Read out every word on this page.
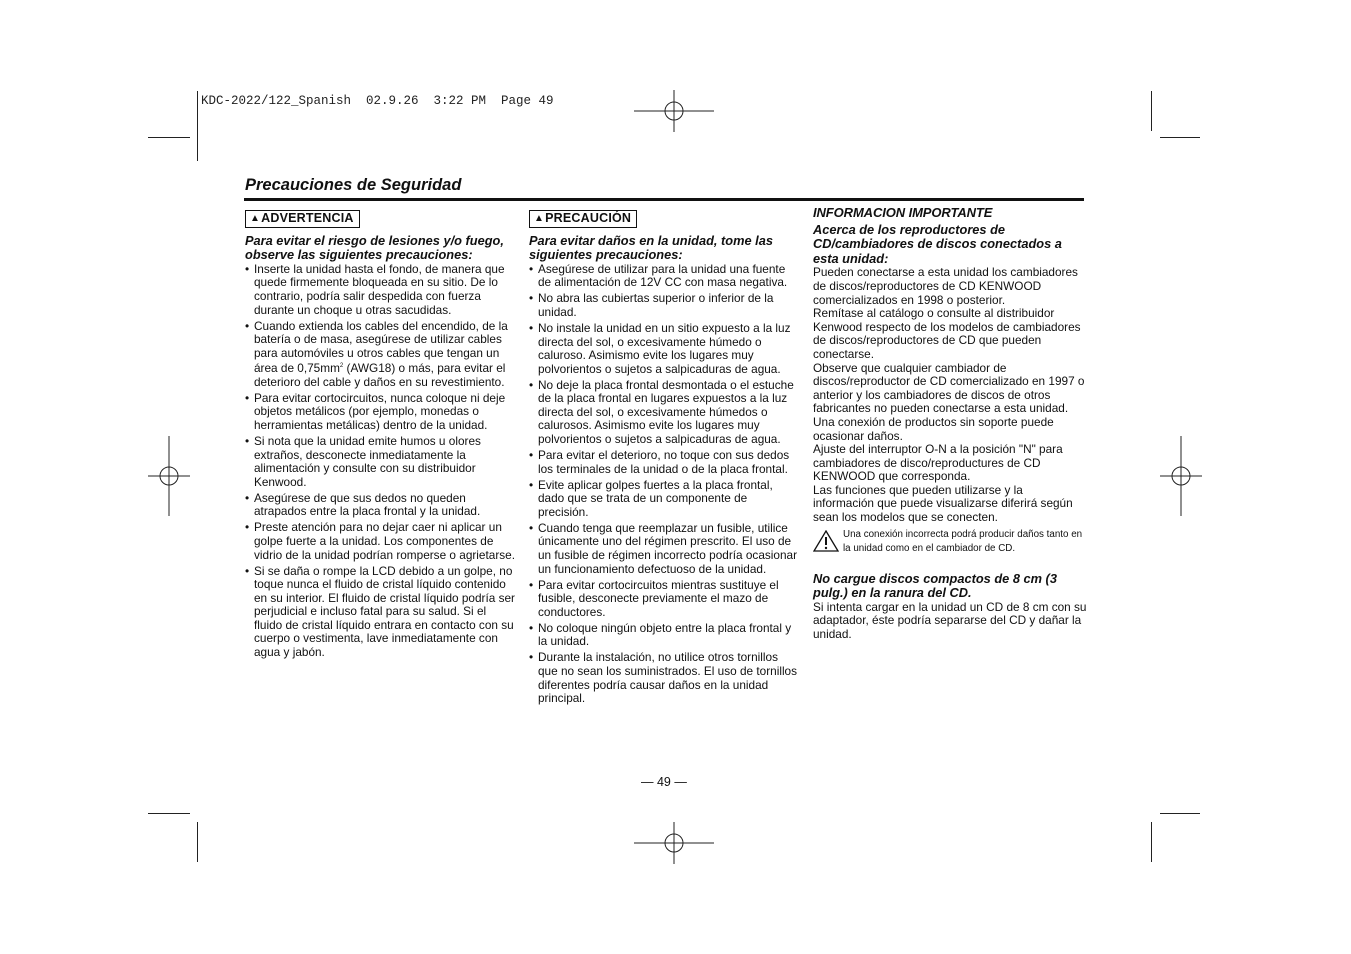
KDC-2022/122_Spanish  02.9.26  3:22 PM  Page 49
Precauciones de Seguridad
▲ADVERTENCIA

Para evitar el riesgo de lesiones y/o fuego, observe las siguientes precauciones:

• Inserte la unidad hasta el fondo, de manera que quede firmemente bloqueada en su sitio. De lo contrario, podría salir despedida con fuerza durante un choque u otras sacudidas.
• Cuando extienda los cables del encendido, de la batería o de masa, asegúrese de utilizar cables para automóviles u otros cables que tengan un área de $0,75mm^2$ (AWG18) o más, para evitar el deterioro del cable y daños en su revestimiento.
• Para evitar cortocircuitos, nunca coloque ni deje objetos metálicos (por ejemplo, monedas o herramientas metálicas) dentro de la unidad.
• Si nota que la unidad emite humos u olores extraños, desconecte inmediatamente la alimentación y consulte con su distribuidor Kenwood.
• Asegúrese de que sus dedos no queden atrapados entre la placa frontal y la unidad.
• Preste atención para no dejar caer ni aplicar un golpe fuerte a la unidad. Los componentes de vidrio de la unidad podrían romperse o agrietarse.
• Si se daña o rompe la LCD debido a un golpe, no toque nunca el fluido de cristal líquido contenido en su interior. El fluido de cristal líquido podría ser perjudicial e incluso fatal para su salud. Si el fluido de cristal líquido entrara en contacto con su cuerpo o vestimenta, lave inmediatamente con agua y jabón.
▲PRECAUCIÓN

Para evitar daños en la unidad, tome las siguientes precauciones:

• Asegúrese de utilizar para la unidad una fuente de alimentación de 12V CC con masa negativa.
• No abra las cubiertas superior o inferior de la unidad.
• No instale la unidad en un sitio expuesto a la luz directa del sol, o excesivamente húmedo o caluroso. Asimismo evite los lugares muy polvorientos o sujetos a salpicaduras de agua.
• No deje la placa frontal desmontada o el estuche de la placa frontal en lugares expuestos a la luz directa del sol, o excesivamente húmedos o calurosos. Asimismo evite los lugares muy polvorientos o sujetos a salpicaduras de agua.
• Para evitar el deterioro, no toque con sus dedos los terminales de la unidad o de la placa frontal.
• Evite aplicar golpes fuertes a la placa frontal, dado que se trata de un componente de precisión.
• Cuando tenga que reemplazar un fusible, utilice únicamente uno del régimen prescrito. El uso de un fusible de régimen incorrecto podría ocasionar un funcionamiento defectuoso de la unidad.
• Para evitar cortocircuitos mientras sustituye el fusible, desconecte previamente el mazo de conductores.
• No coloque ningún objeto entre la placa frontal y la unidad.
• Durante la instalación, no utilice otros tornillos que no sean los suministrados. El uso de tornillos diferentes podría causar daños en la unidad principal.

INFORMACION IMPORTANTE

Acerca de los reproductores de CD/cambiadores de discos conectados a esta unidad:

Pueden conectarse a esta unidad los cambiadores de discos/reproductores de CD KENWOOD comercializados en 1998 o posterior.

Remítase al catálogo o consulte al distribuidor Kenwood respecto de los modelos de cambiadores de discos/reproductores de CD que pueden conectarse.

Observe que cualquier cambiador de discos/reproductor de CD comercializado en 1997 o anterior y los cambiadores de discos de otros fabricantes no pueden conectarse a esta unidad.

Una conexión de productos sin soporte puede ocasionar daños.

Ajuste del interruptor O-N a la posición "N" para cambiadores de disco/reproductures de CD KENWOOD que corresponda.

Las funciones que pueden utilizarse y la información que puede visualizarse diferirá según sean los modelos que se conecten.

Una conexión incorrecta podrá producir daños tanto en la unidad como en el cambiador de CD.

No cargue discos compactos de 8 cm (3 pulg.) en la ranura del CD.

Si intenta cargar en la unidad un CD de 8 cm con su adaptador, éste podría separarse del CD y dañar la unidad.

— 49 —
